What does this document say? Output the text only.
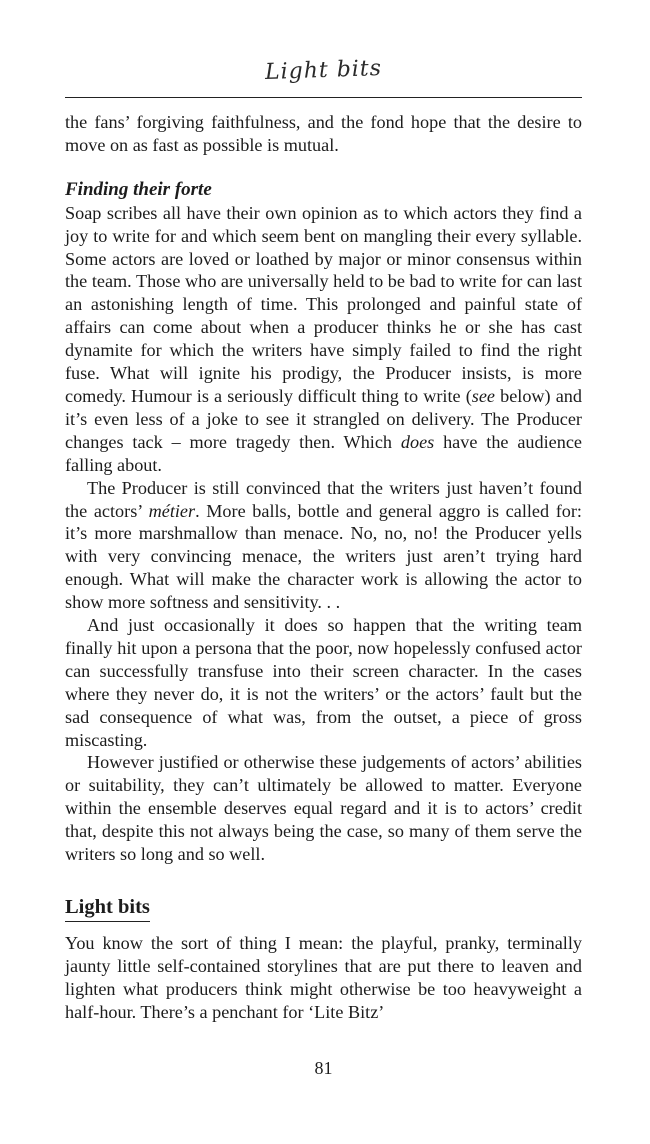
Light bits

the fans’ forgiving faithfulness, and the fond hope that the desire to move on as fast as possible is mutual.

Finding their forte

Soap scribes all have their own opinion as to which actors they find a joy to write for and which seem bent on mangling their every syllable. Some actors are loved or loathed by major or minor consensus within the team. Those who are universally held to be bad to write for can last an astonishing length of time. This prolonged and painful state of affairs can come about when a producer thinks he or she has cast dynamite for which the writers have simply failed to find the right fuse. What will ignite his prodigy, the Producer insists, is more comedy. Humour is a seriously difficult thing to write (see below) and it’s even less of a joke to see it strangled on delivery. The Producer changes tack – more tragedy then. Which does have the audience falling about.

The Producer is still convinced that the writers just haven’t found the actors’ métier. More balls, bottle and general aggro is called for: it’s more marshmallow than menace. No, no, no! the Producer yells with very convincing menace, the writers just aren’t trying hard enough. What will make the character work is allowing the actor to show more softness and sensitivity. . .

And just occasionally it does so happen that the writing team finally hit upon a persona that the poor, now hopelessly confused actor can successfully transfuse into their screen character. In the cases where they never do, it is not the writers’ or the actors’ fault but the sad consequence of what was, from the outset, a piece of gross miscasting.

However justified or otherwise these judgements of actors’ abilities or suitability, they can’t ultimately be allowed to matter. Everyone within the ensemble deserves equal regard and it is to actors’ credit that, despite this not always being the case, so many of them serve the writers so long and so well.

Light bits

You know the sort of thing I mean: the playful, pranky, terminally jaunty little self-contained storylines that are put there to leaven and lighten what producers think might otherwise be too heavyweight a half-hour. There’s a penchant for ‘Lite Bitz’

81
